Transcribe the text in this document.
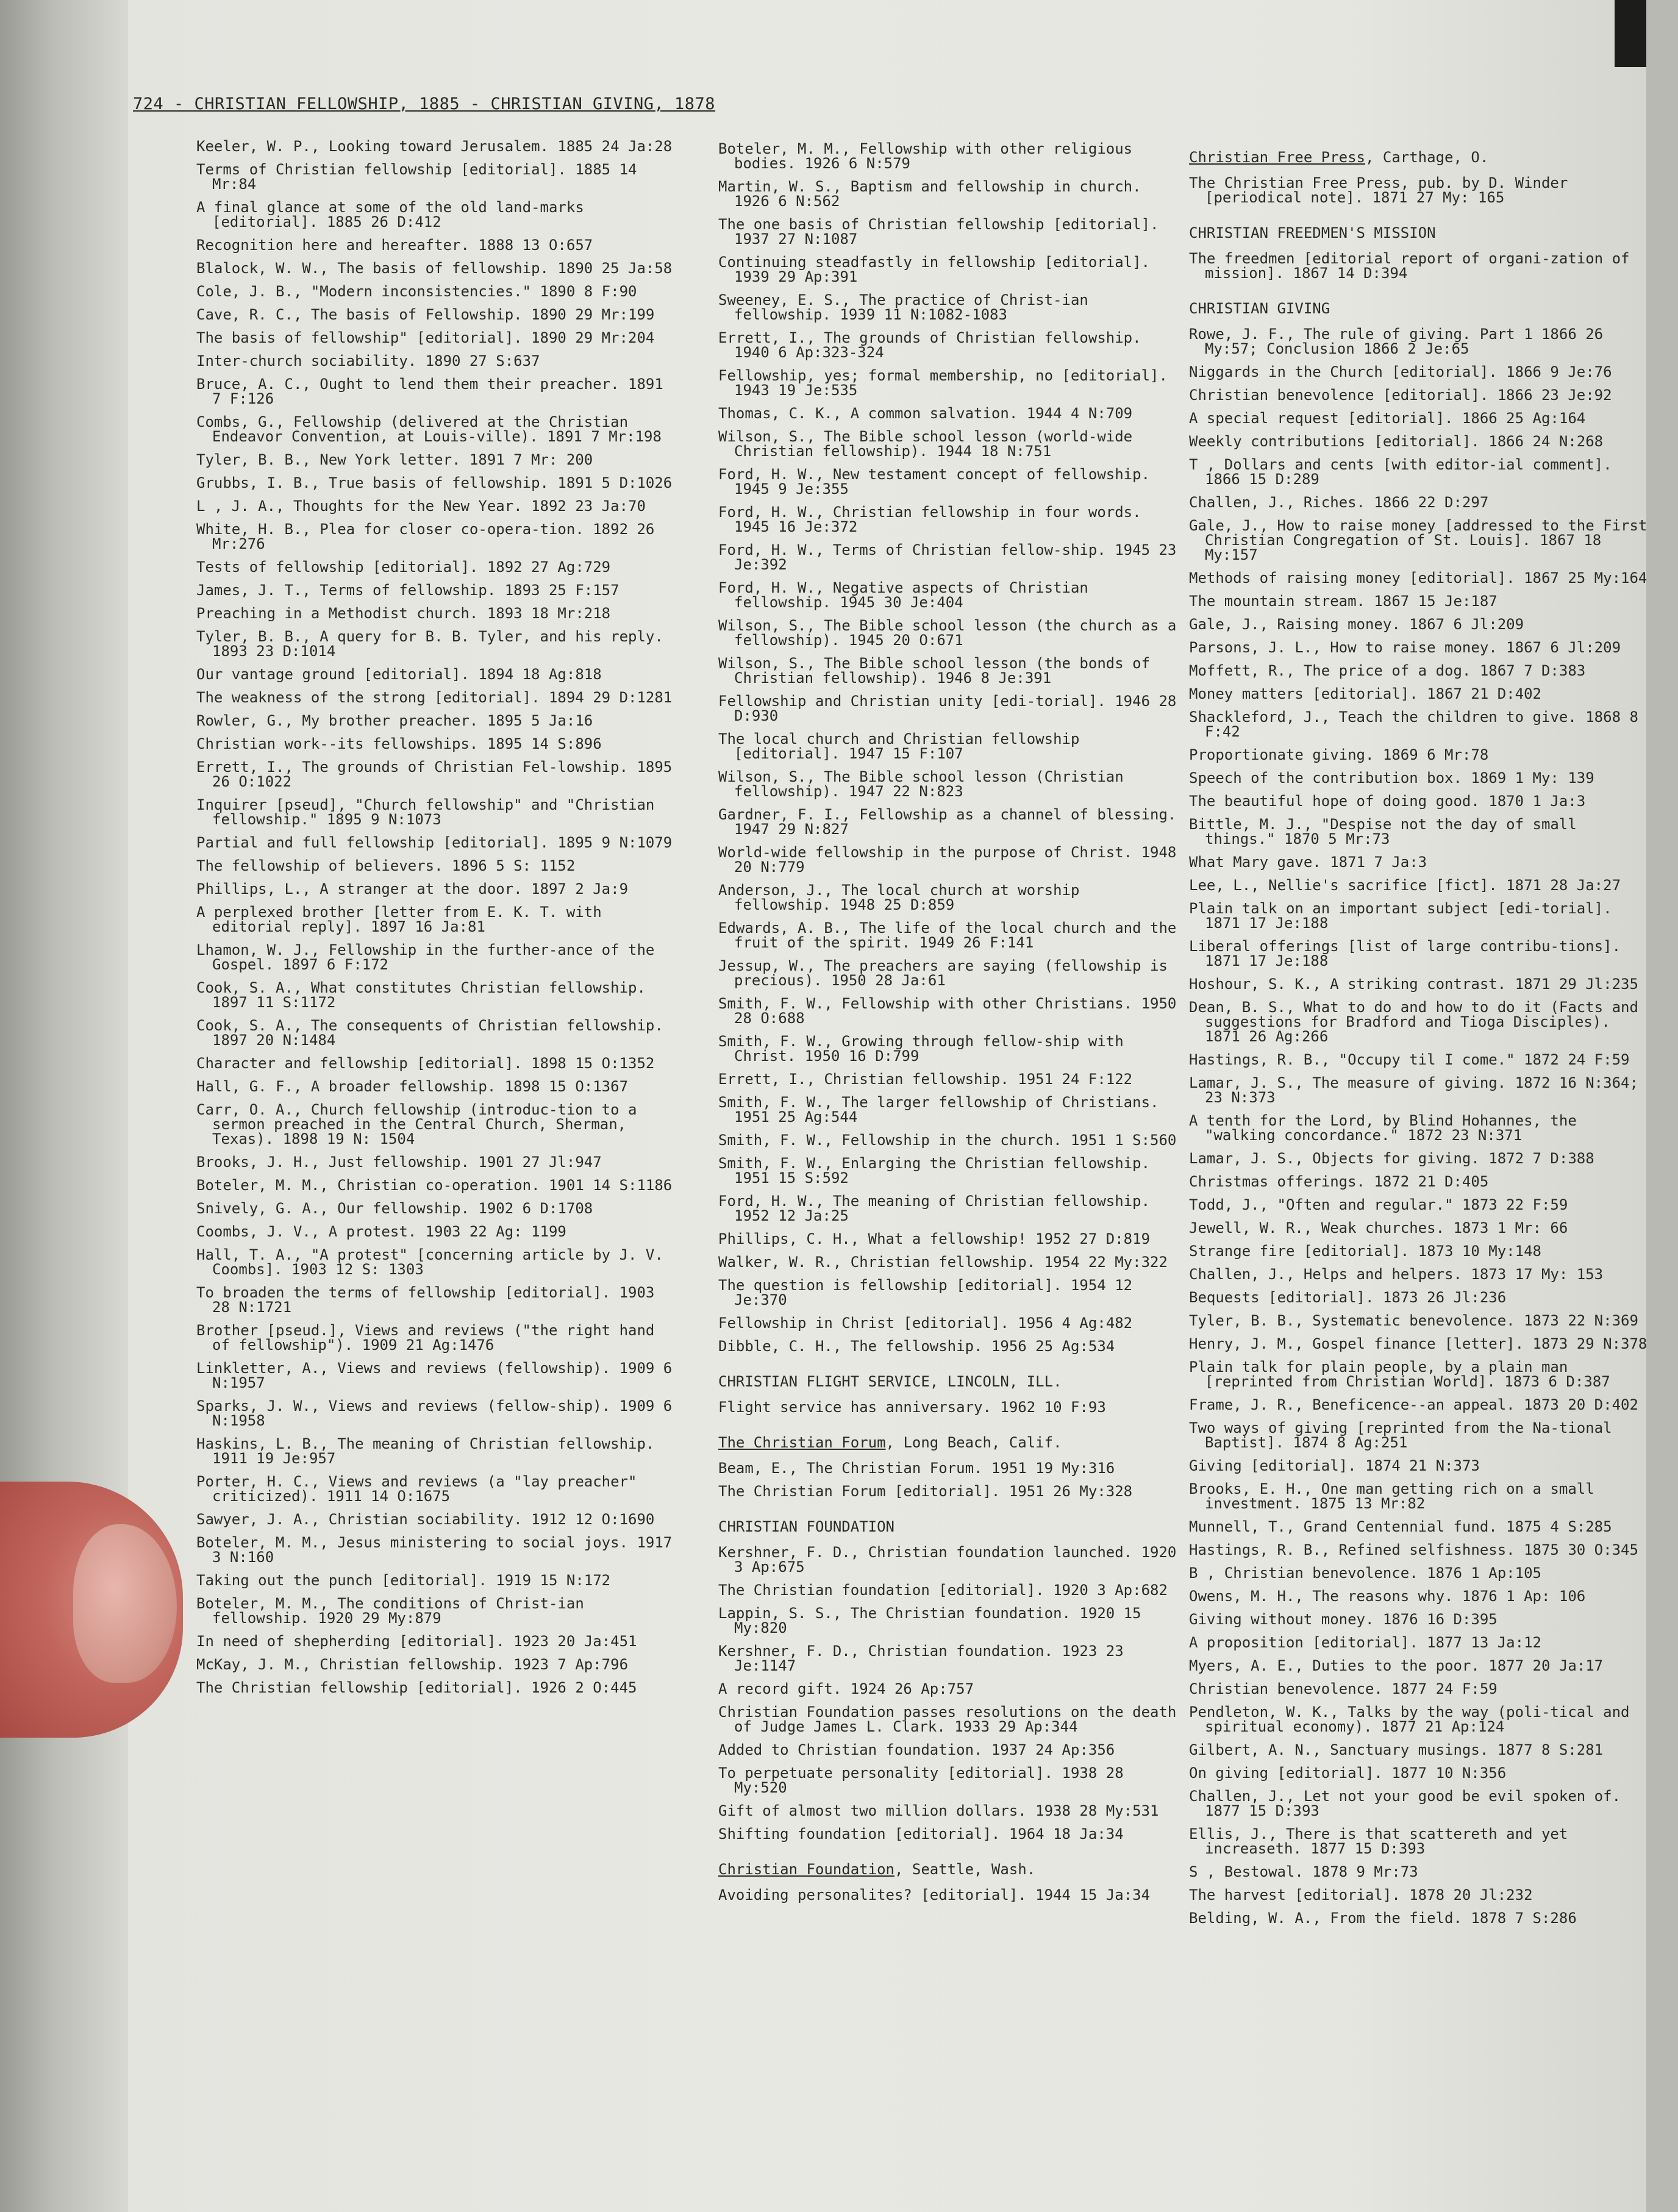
724 - CHRISTIAN FELLOWSHIP, 1885 - CHRISTIAN GIVING, 1878
Keeler, W. P., Looking toward Jerusalem. 1885 24 Ja:28
Terms of Christian fellowship [editorial]. 1885 14 Mr:84
A final glance at some of the old land-marks [editorial]. 1885 26 D:412
Recognition here and hereafter. 1888 13 O:657
Blalock, W. W., The basis of fellowship. 1890 25 Ja:58
Cole, J. B., "Modern inconsistencies." 1890 8 F:90
Cave, R. C., The basis of Fellowship. 1890 29 Mr:199
The basis of fellowship" [editorial]. 1890 29 Mr:204
Inter-church sociability. 1890 27 S:637
Bruce, A. C., Ought to lend them their preacher. 1891 7 F:126
Combs, G., Fellowship (delivered at the Christian Endeavor Convention, at Louis-ville). 1891 7 Mr:198
Tyler, B. B., New York letter. 1891 7 Mr: 200
Grubbs, I. B., True basis of fellowship. 1891 5 D:1026
L , J. A., Thoughts for the New Year. 1892 23 Ja:70
White, H. B., Plea for closer co-opera-tion. 1892 26 Mr:276
Tests of fellowship [editorial]. 1892 27 Ag:729
James, J. T., Terms of fellowship. 1893 25 F:157
Preaching in a Methodist church. 1893 18 Mr:218
Tyler, B. B., A query for B. B. Tyler, and his reply. 1893 23 D:1014
Our vantage ground [editorial]. 1894 18 Ag:818
The weakness of the strong [editorial]. 1894 29 D:1281
Rowler, G., My brother preacher. 1895 5 Ja:16
Christian work--its fellowships. 1895 14 S:896
Errett, I., The grounds of Christian Fel-lowship. 1895 26 O:1022
Inquirer [pseud], "Church fellowship" and "Christian fellowship." 1895 9 N:1073
Partial and full fellowship [editorial]. 1895 9 N:1079
The fellowship of believers. 1896 5 S: 1152
Phillips, L., A stranger at the door. 1897 2 Ja:9
A perplexed brother [letter from E. K. T. with editorial reply]. 1897 16 Ja:81
Lhamon, W. J., Fellowship in the further-ance of the Gospel. 1897 6 F:172
Cook, S. A., What constitutes Christian fellowship. 1897 11 S:1172
Cook, S. A., The consequents of Christian fellowship. 1897 20 N:1484
Character and fellowship [editorial]. 1898 15 O:1352
Hall, G. F., A broader fellowship. 1898 15 O:1367
Carr, O. A., Church fellowship (introduc-tion to a sermon preached in the Central Church, Sherman, Texas). 1898 19 N: 1504
Brooks, J. H., Just fellowship. 1901 27 Jl:947
Boteler, M. M., Christian co-operation. 1901 14 S:1186
Snively, G. A., Our fellowship. 1902 6 D:1708
Coombs, J. V., A protest. 1903 22 Ag: 1199
Hall, T. A., "A protest" [concerning article by J. V. Coombs]. 1903 12 S: 1303
To broaden the terms of fellowship [editorial]. 1903 28 N:1721
Brother [pseud.], Views and reviews ("the right hand of fellowship"). 1909 21 Ag:1476
Linkletter, A., Views and reviews (fellowship). 1909 6 N:1957
Sparks, J. W., Views and reviews (fellow-ship). 1909 6 N:1958
Haskins, L. B., The meaning of Christian fellowship. 1911 19 Je:957
Porter, H. C., Views and reviews (a "lay preacher" criticized). 1911 14 O:1675
Sawyer, J. A., Christian sociability. 1912 12 O:1690
Boteler, M. M., Jesus ministering to social joys. 1917 3 N:160
Taking out the punch [editorial]. 1919 15 N:172
Boteler, M. M., The conditions of Christ-ian fellowship. 1920 29 My:879
In need of shepherding [editorial]. 1923 20 Ja:451
McKay, J. M., Christian fellowship. 1923 7 Ap:796
The Christian fellowship [editorial]. 1926 2 O:445
Boteler, M. M., Fellowship with other religious bodies. 1926 6 N:579
Martin, W. S., Baptism and fellowship in church. 1926 6 N:562
The one basis of Christian fellowship [editorial]. 1937 27 N:1087
Continuing steadfastly in fellowship [editorial]. 1939 29 Ap:391
Sweeney, E. S., The practice of Christ-ian fellowship. 1939 11 N:1082-1083
Errett, I., The grounds of Christian fellowship. 1940 6 Ap:323-324
Fellowship, yes; formal membership, no [editorial]. 1943 19 Je:535
Thomas, C. K., A common salvation. 1944 4 N:709
Wilson, S., The Bible school lesson (world-wide Christian fellowship). 1944 18 N:751
Ford, H. W., New testament concept of fellowship. 1945 9 Je:355
Ford, H. W., Christian fellowship in four words. 1945 16 Je:372
Ford, H. W., Terms of Christian fellow-ship. 1945 23 Je:392
Ford, H. W., Negative aspects of Christian fellowship. 1945 30 Je:404
Wilson, S., The Bible school lesson (the church as a fellowship). 1945 20 O:671
Wilson, S., The Bible school lesson (the bonds of Christian fellowship). 1946 8 Je:391
Fellowship and Christian unity [edi-torial]. 1946 28 D:930
The local church and Christian fellowship [editorial]. 1947 15 F:107
Wilson, S., The Bible school lesson (Christian fellowship). 1947 22 N:823
Gardner, F. I., Fellowship as a channel of blessing. 1947 29 N:827
World-wide fellowship in the purpose of Christ. 1948 20 N:779
Anderson, J., The local church at worship fellowship. 1948 25 D:859
Edwards, A. B., The life of the local church and the fruit of the spirit. 1949 26 F:141
Jessup, W., The preachers are saying (fellowship is precious). 1950 28 Ja:61
Smith, F. W., Fellowship with other Christians. 1950 28 O:688
Smith, F. W., Growing through fellow-ship with Christ. 1950 16 D:799
Errett, I., Christian fellowship. 1951 24 F:122
Smith, F. W., The larger fellowship of Christians. 1951 25 Ag:544
Smith, F. W., Fellowship in the church. 1951 1 S:560
Smith, F. W., Enlarging the Christian fellowship. 1951 15 S:592
Ford, H. W., The meaning of Christian fellowship. 1952 12 Ja:25
Phillips, C. H., What a fellowship! 1952 27 D:819
Walker, W. R., Christian fellowship. 1954 22 My:322
The question is fellowship [editorial]. 1954 12 Je:370
Fellowship in Christ [editorial]. 1956 4 Ag:482
Dibble, C. H., The fellowship. 1956 25 Ag:534
CHRISTIAN FLIGHT SERVICE, LINCOLN, ILL.
Flight service has anniversary. 1962 10 F:93
The Christian Forum, Long Beach, Calif.
Beam, E., The Christian Forum. 1951 19 My:316
The Christian Forum [editorial]. 1951 26 My:328
CHRISTIAN FOUNDATION
Kershner, F. D., Christian foundation launched. 1920 3 Ap:675
The Christian foundation [editorial]. 1920 3 Ap:682
Lappin, S. S., The Christian foundation. 1920 15 My:820
Kershner, F. D., Christian foundation. 1923 23 Je:1147
A record gift. 1924 26 Ap:757
Christian Foundation passes resolutions on the death of Judge James L. Clark. 1933 29 Ap:344
Added to Christian foundation. 1937 24 Ap:356
To perpetuate personality [editorial]. 1938 28 My:520
Gift of almost two million dollars. 1938 28 My:531
Shifting foundation [editorial]. 1964 18 Ja:34
Christian Foundation, Seattle, Wash.
Avoiding personalites? [editorial]. 1944 15 Ja:34
Christian Free Press, Carthage, O.
The Christian Free Press, pub. by D. Winder [periodical note]. 1871 27 My: 165
CHRISTIAN FREEDMEN'S MISSION
The freedmen [editorial report of organi-zation of mission]. 1867 14 D:394
CHRISTIAN GIVING
Rowe, J. F., The rule of giving. Part 1 1866 26 My:57; Conclusion 1866 2 Je:65
Niggards in the Church [editorial]. 1866 9 Je:76
Christian benevolence [editorial]. 1866 23 Je:92
A special request [editorial]. 1866 25 Ag:164
Weekly contributions [editorial]. 1866 24 N:268
T , Dollars and cents [with editor-ial comment]. 1866 15 D:289
Challen, J., Riches. 1866 22 D:297
Gale, J., How to raise money [addressed to the First Christian Congregation of St. Louis]. 1867 18 My:157
Methods of raising money [editorial]. 1867 25 My:164
The mountain stream. 1867 15 Je:187
Gale, J., Raising money. 1867 6 Jl:209
Parsons, J. L., How to raise money. 1867 6 Jl:209
Moffett, R., The price of a dog. 1867 7 D:383
Money matters [editorial]. 1867 21 D:402
Shackleford, J., Teach the children to give. 1868 8 F:42
Proportionate giving. 1869 6 Mr:78
Speech of the contribution box. 1869 1 My: 139
The beautiful hope of doing good. 1870 1 Ja:3
Bittle, M. J., "Despise not the day of small things." 1870 5 Mr:73
What Mary gave. 1871 7 Ja:3
Lee, L., Nellie's sacrifice [fict]. 1871 28 Ja:27
Plain talk on an important subject [edi-torial]. 1871 17 Je:188
Liberal offerings [list of large contribu-tions]. 1871 17 Je:188
Hoshour, S. K., A striking contrast. 1871 29 Jl:235
Dean, B. S., What to do and how to do it (Facts and suggestions for Bradford and Tioga Disciples). 1871 26 Ag:266
Hastings, R. B., "Occupy til I come." 1872 24 F:59
Lamar, J. S., The measure of giving. 1872 16 N:364; 23 N:373
A tenth for the Lord, by Blind Hohannes, the "walking concordance." 1872 23 N:371
Lamar, J. S., Objects for giving. 1872 7 D:388
Christmas offerings. 1872 21 D:405
Todd, J., "Often and regular." 1873 22 F:59
Jewell, W. R., Weak churches. 1873 1 Mr: 66
Strange fire [editorial]. 1873 10 My:148
Challen, J., Helps and helpers. 1873 17 My: 153
Bequests [editorial]. 1873 26 Jl:236
Tyler, B. B., Systematic benevolence. 1873 22 N:369
Henry, J. M., Gospel finance [letter]. 1873 29 N:378
Plain talk for plain people, by a plain man [reprinted from Christian World]. 1873 6 D:387
Frame, J. R., Beneficence--an appeal. 1873 20 D:402
Two ways of giving [reprinted from the Na-tional Baptist]. 1874 8 Ag:251
Giving [editorial]. 1874 21 N:373
Brooks, E. H., One man getting rich on a small investment. 1875 13 Mr:82
Munnell, T., Grand Centennial fund. 1875 4 S:285
Hastings, R. B., Refined selfishness. 1875 30 O:345
B , Christian benevolence. 1876 1 Ap:105
Owens, M. H., The reasons why. 1876 1 Ap: 106
Giving without money. 1876 16 D:395
A proposition [editorial]. 1877 13 Ja:12
Myers, A. E., Duties to the poor. 1877 20 Ja:17
Christian benevolence. 1877 24 F:59
Pendleton, W. K., Talks by the way (poli-tical and spiritual economy). 1877 21 Ap:124
Gilbert, A. N., Sanctuary musings. 1877 8 S:281
On giving [editorial]. 1877 10 N:356
Challen, J., Let not your good be evil spoken of. 1877 15 D:393
Ellis, J., There is that scattereth and yet increaseth. 1877 15 D:393
S , Bestowal. 1878 9 Mr:73
The harvest [editorial]. 1878 20 Jl:232
Belding, W. A., From the field. 1878 7 S:286
